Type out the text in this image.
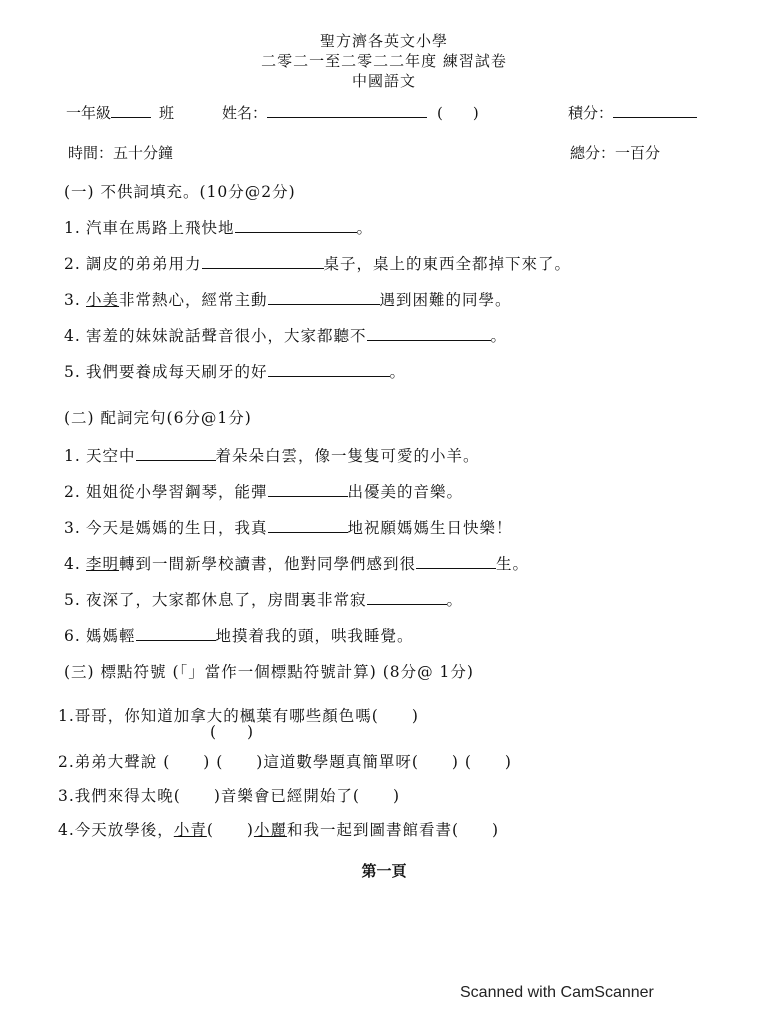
聖方濟各英文小學
二零二一至二零二二年度 練習試卷
中國語文
一年級	班	姓名：	(　　)	積分：
時間：五十分鐘	總分：一百分
(一) 不供詞填充。(10分@2分)
1. 汽車在馬路上飛快地	。
2. 調皮的弟弟用力	桌子，桌上的東西全都掉下來了。
3. 小美非常熱心，經常主動	遇到困難的同學。
4. 害羞的妹妹說話聲音很小，大家都聽不	。
5. 我們要養成每天刷牙的好	。
(二) 配詞完句(6分@1分)
1. 天空中	着朵朵白雲，像一隻隻可愛的小羊。
2. 姐姐從小學習鋼琴，能彈	出優美的音樂。
3. 今天是媽媽的生日，我真	地祝願媽媽生日快樂！
4. 李明轉到一間新學校讀書，他對同學們感到很	生。
5. 夜深了，大家都休息了，房間裏非常寂	。
6. 媽媽輕	地摸着我的頭，哄我睡覺。
(三) 標點符號 (「」當作一個標點符號計算) (8分@ 1分)
1.哥哥，你知道加拿大的楓葉有哪些顏色嗎(　　)
(　　)
2.弟弟大聲說 (　　) (　　)這道數學題真簡單呀(　　) (　　)
3.我們來得太晚(　　)音樂會已經開始了(　　)
4.今天放學後，小青(　　)小麗和我一起到圖書館看書(　　)
第一頁
Scanned with CamScanner
